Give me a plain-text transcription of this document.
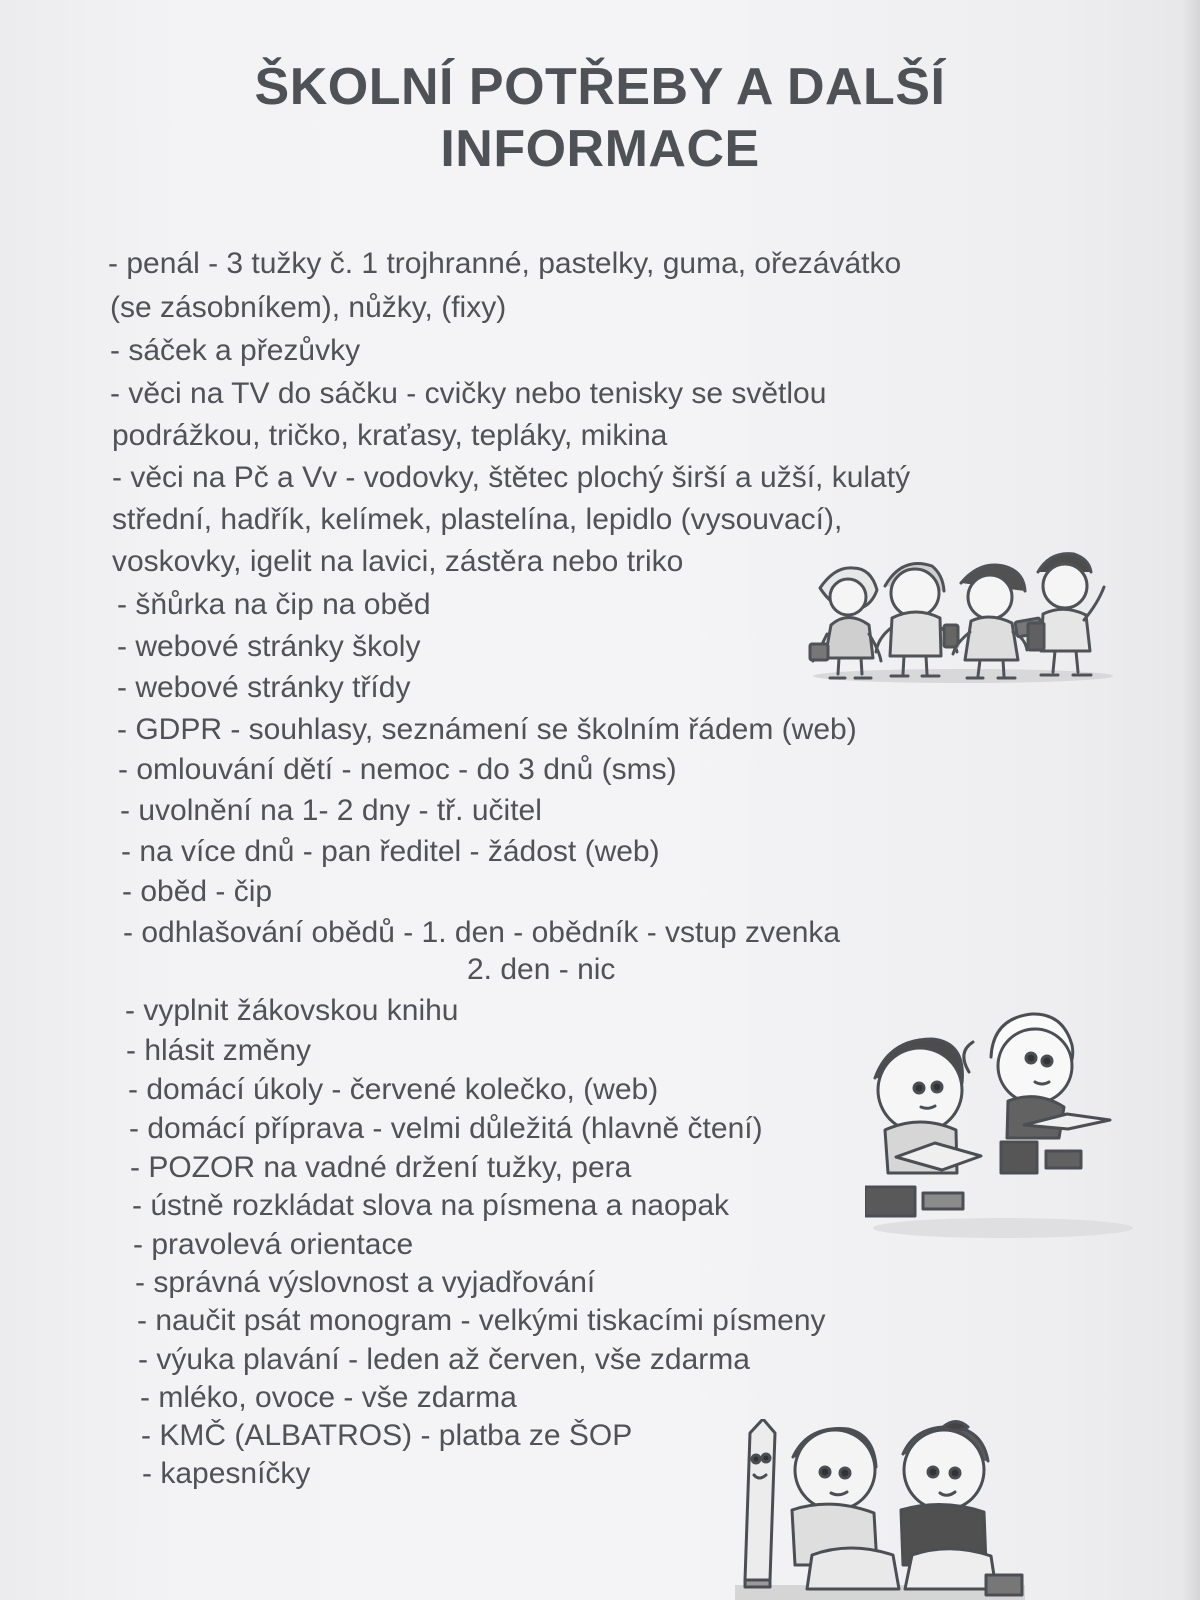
ŠKOLNÍ POTŘEBY A DALŠÍ
INFORMACE
- penál - 3 tužky č. 1 trojhranné, pastelky, guma, ořezávátko
(se zásobníkem), nůžky, (fixy)
- sáček a přezůvky
- věci na TV do sáčku - cvičky nebo tenisky se světlou
podrážkou, tričko, kraťasy, tepláky, mikina
- věci na Pč a Vv - vodovky, štětec plochý širší a užší, kulatý
střední, hadřík, kelímek, plastelína, lepidlo (vysouvací),
voskovky, igelit na lavici, zástěra nebo triko
- šňůrka na čip na oběd
- webové stránky školy
- webové stránky třídy
- GDPR - souhlasy, seznámení se školním řádem (web)
- omlouvání dětí - nemoc - do 3 dnů (sms)
- uvolnění na 1- 2 dny - tř. učitel
- na více dnů - pan ředitel - žádost (web)
- oběd - čip
- odhlašování obědů - 1. den - obědník - vstup zvenka
2. den - nic
- vyplnit žákovskou knihu
- hlásit změny
- domácí úkoly - červené kolečko, (web)
- domácí příprava - velmi důležitá (hlavně čtení)
- POZOR na vadné držení tužky, pera
- ústně rozkládat slova na písmena a naopak
- pravolevá orientace
- správná výslovnost a vyjadřování
- naučit psát monogram - velkými tiskacími písmeny
- výuka plavání - leden až červen, vše zdarma
- mléko, ovoce - vše zdarma
- KMČ (ALBATROS) - platba ze ŠOP
- kapesníčky
